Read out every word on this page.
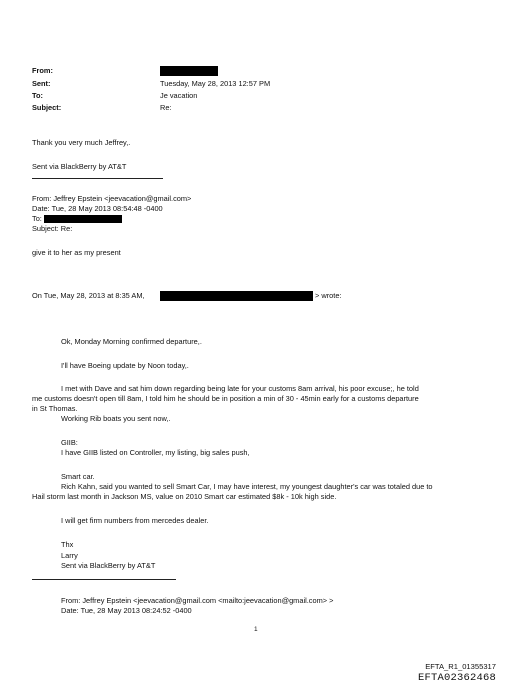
From:
Sent:	Tuesday, May 28, 2013 12:57 PM
To:	Je vacation
Subject:	Re:
Thank you very much Jeffrey,.
Sent via BlackBerry by AT&T
From: Jeffrey Epstein <jeevacation@gmail.com>
Date: Tue, 28 May 2013 08:54:48 -0400
To:
Subject: Re:
give it to her as my present
On Tue, May 28, 2013 at 8:35 AM,	> wrote:
Ok, Monday Morning confirmed departure,.
I'll have Boeing update by Noon today,.
I met with Dave and sat him down regarding being late for your customs 8am arrival, his poor excuse;, he told
me customs doesn't open till 8am, I told him he should be in position a min of 30 - 45min early for a customs departure
in St Thomas.
Working Rib boats you sent now,.
GIIB:
I have GIIB listed on Controller, my listing, big sales push,
Smart car.
Rich Kahn, said you wanted to sell Smart Car, I may have interest, my youngest daughter's car was totaled due to
Hail storm last month in Jackson MS, value on 2010 Smart car estimated $8k - 10k high side.
I will get firm numbers from mercedes dealer.
Thx
Larry
Sent via BlackBerry by AT&T
From: Jeffrey Epstein <jeevacation@gmail.com <mailto:jeevacation@gmail.com> >
Date: Tue, 28 May 2013 08:24:52 -0400
1
EFTA_R1_01355317
EFTA02362468
